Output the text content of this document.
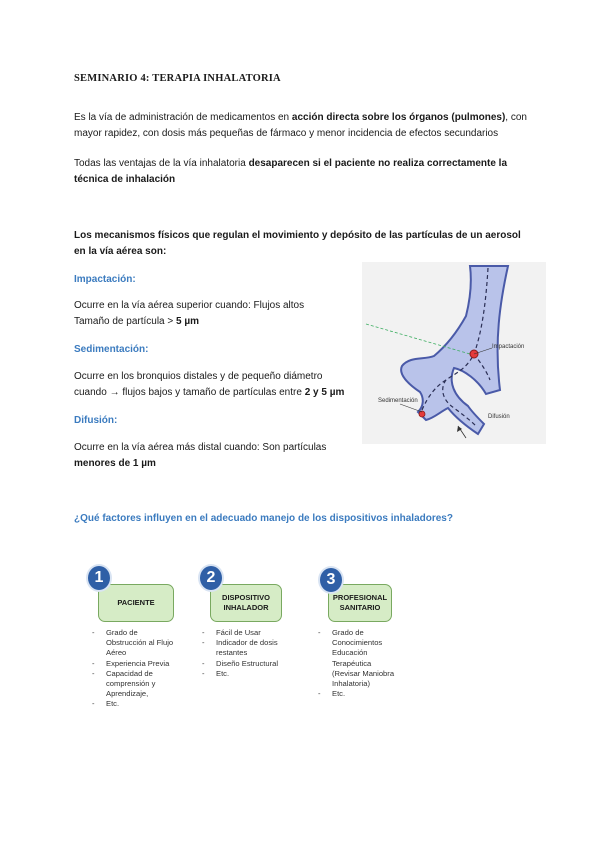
SEMINARIO 4: TERAPIA INHALATORIA
Es la vía de administración de medicamentos en acción directa sobre los órganos (pulmones), con mayor rapidez, con dosis más pequeñas de fármaco y menor incidencia de efectos secundarios
Todas las ventajas de la vía inhalatoria desaparecen si el paciente no realiza correctamente la técnica de inhalación
Los mecanismos físicos que regulan el movimiento y depósito de las partículas de un aerosol en la vía aérea son:
Impactación:
Ocurre en la vía aérea superior cuando: Flujos altos
Tamaño de partícula > 5 µm
Sedimentación:
Ocurre en los bronquios distales y de pequeño diámetro
cuando → flujos bajos y tamaño de partículas entre 2 y 5 µm
Difusión:
Ocurre en la vía aérea más distal cuando: Son partículas
menores de 1 µm
Impactación
Sedimentación
Difusión
¿Qué factores influyen en el adecuado manejo de los dispositivos inhaladores?
PACIENTE
1
- Grado de Obstrucción al Flujo Aéreo
- Experiencia Previa
- Capacidad de comprensión y Aprendizaje,
- Etc.
DISPOSITIVO INHALADOR
2
- Fácil de Usar
- Indicador de dosis restantes
- Diseño Estructural
- Etc.
PROFESIONAL SANITARIO
3
- Grado de Conocimientos Educación Terapéutica (Revisar Maniobra Inhalatoria)
- Etc.
